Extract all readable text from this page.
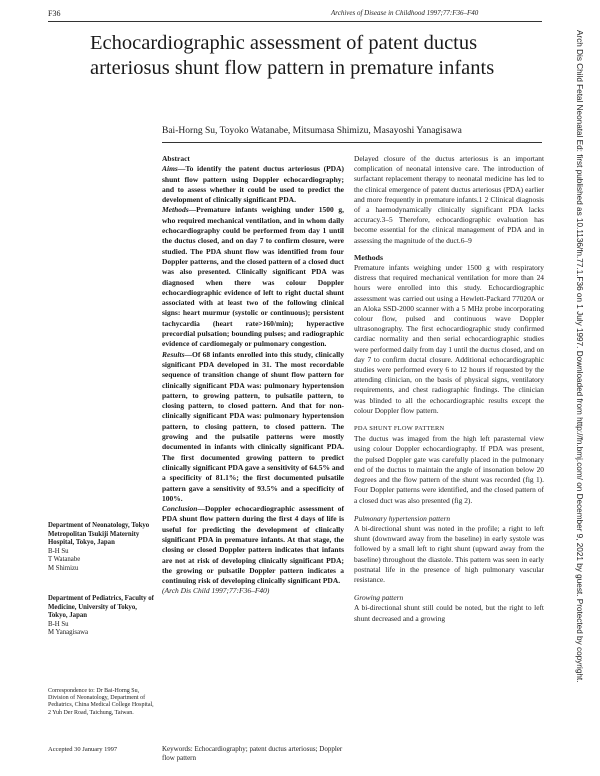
F36	Archives of Disease in Childhood 1997;77:F36–F40
Echocardiographic assessment of patent ductus arteriosus shunt flow pattern in premature infants
Bai-Horng Su, Toyoko Watanabe, Mitsumasa Shimizu, Masayoshi Yanagisawa
Department of Neonatology, Tokyo Metropolitan Tsukiji Maternity Hospital, Tokyo, Japan
B-H Su
T Watanabe
M Shimizu
Department of Pediatrics, Faculty of Medicine, University of Tokyo, Tokyo, Japan
B-H Su
M Yanagisawa
Correspondence to: Dr Bai-Horng Su, Division of Neonatology, Department of Pediatrics, China Medical College Hospital, 2 Yuh Der Road, Taichung, Taiwan.
Accepted 30 January 1997

Abstract

Aims—To identify the patent ductus arteriosus (PDA) shunt flow pattern using Doppler echocardiography; and to assess whether it could be used to predict the development of clinically significant PDA.

Methods—Premature infants weighing under 1500 g, who required mechanical ventilation, and in whom daily echocardiography could be performed from day 1 until the ductus closed, and on day 7 to confirm closure, were studied. The PDA shunt flow was identified from four Doppler patterns, and the closed pattern of a closed duct was also presented. Clinically significant PDA was diagnosed when there was colour Doppler echocardiographic evidence of left to right ductal shunt associated with at least two of the following clinical signs: heart murmur (systolic or continuous); persistent tachycardia (heart rate>160/min); hyperactive precordial pulsation; bounding pulses; and radiographic evidence of cardiomegaly or pulmonary congestion.

Results—Of 68 infants enrolled into this study, clinically significant PDA developed in 31. The most recordable sequence of transition change of shunt flow pattern for clinically significant PDA was: pulmonary hypertension pattern, to growing pattern, to pulsatile pattern, to closing pattern, to closed pattern. And that for non-clinically significant PDA was: pulmonary hypertension pattern, to closing pattern, to closed pattern. The growing and the pulsatile patterns were mostly documented in infants with clinically significant PDA. The first documented growing pattern to predict clinically significant PDA gave a sensitivity of 64.5% and a specificity of 81.1%; the first documented pulsatile pattern gave a sensitivity of 93.5% and a specificity of 100%.

Conclusion—Doppler echocardiographic assessment of PDA shunt flow pattern during the first 4 days of life is useful for predicting the development of clinically significant PDA in premature infants. At that stage, the closing or closed Doppler pattern indicates that infants are not at risk of developing clinically significant PDA; the growing or pulsatile Doppler pattern indicates a continuing risk of developing clinically significant PDA.

(Arch Dis Child 1997;77:F36–F40)

Keywords: Echocardiography; patent ductus arteriosus; Doppler flow pattern

Delayed closure of the ductus arteriosus is an important complication of neonatal intensive care. The introduction of surfactant replacement therapy to neonatal medicine has led to the clinical emergence of patent ductus arteriosus (PDA) earlier and more frequently in premature infants.1 2 Clinical diagnosis of a haemodynamically clinically significant PDA lacks accuracy.3–5 Therefore, echocardiographic evaluation has become essential for the clinical management of PDA and in assessing the magnitude of the duct.6–9

Methods

Premature infants weighing under 1500 g with respiratory distress that required mechanical ventilation for more than 24 hours were enrolled into this study. Echocardiographic assessment was carried out using a Hewlett-Packard 77020A or an Aloka SSD-2000 scanner with a 5 MHz probe incorporating colour flow, pulsed and continuous wave Doppler ultrasonography. The first echocardiographic study confirmed cardiac normality and then serial echocardiographic studies were performed daily from day 1 until the ductus closed, and on day 7 to confirm ductal closure. Additional echocardiographic studies were performed every 6 to 12 hours if requested by the attending clinician, on the basis of physical signs, ventilatory requirements, and chest radiographic findings. The clinician was blinded to all the echocardiographic results except the colour Doppler flow pattern.

PDA SHUNT FLOW PATTERN

The ductus was imaged from the high left parasternal view using colour Doppler echocardiography. If PDA was present, the pulsed Doppler gate was carefully placed in the pulmonary end of the ductus to maintain the angle of insonation below 20 degrees and the flow pattern of the shunt was recorded (fig 1). Four Doppler patterns were identified, and the closed pattern of a closed duct was also presented (fig 2).

Pulmonary hypertension pattern

A bi-directional shunt was noted in the profile; a right to left shunt (downward away from the baseline) in early systole was followed by a small left to right shunt (upward away from the baseline) throughout the diastole. This pattern was seen in early postnatal life in the presence of high pulmonary vascular resistance.

Growing pattern

A bi-directional shunt still could be noted, but the right to left shunt decreased and a growing	Arch Dis Child Fetal Neonatal Ed: first published as 10.1136/fn.77.1.F36 on 1 July 1997. Downloaded from http://fn.bmj.com/ on December 9, 2021 by guest. Protected by copyright.
